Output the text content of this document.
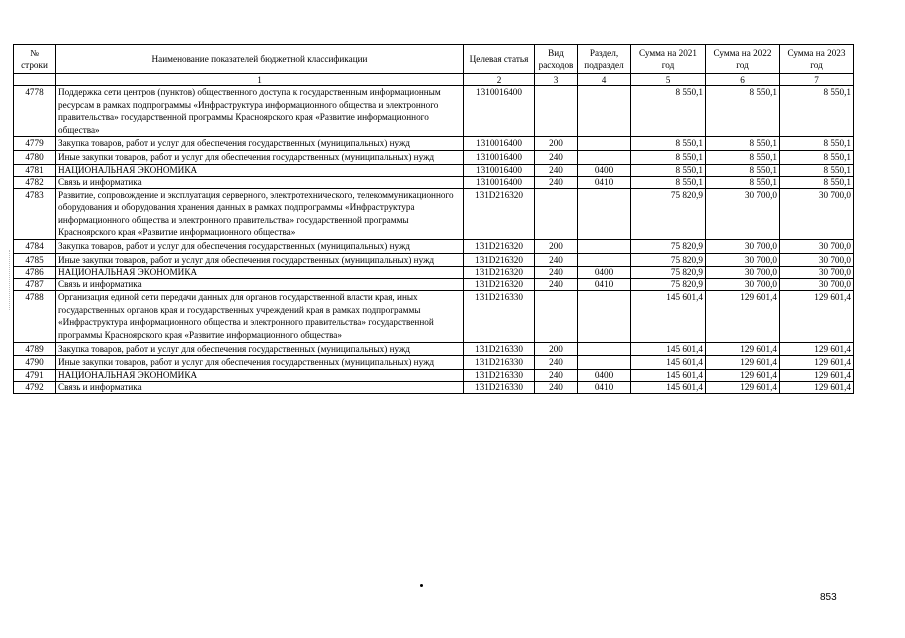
№ строки	Наименование показателей бюджетной классификации	Целевая статья	Вид расходов	Раздел, подраздел	Сумма на 2021 год	Сумма на 2022 год	Сумма на 2023 год
	1	2	3	4	5	6	7
4778	Поддержка сети центров (пунктов) общественного доступа к государственным информационным ресурсам в рамках подпрограммы «Инфраструктура информационного общества и электронного правительства» государственной программы Красноярского края «Развитие информационного общества»	1310016400			8 550,1	8 550,1	8 550,1
4779	Закупка товаров, работ и услуг для обеспечения государственных (муниципальных) нужд	1310016400	200		8 550,1	8 550,1	8 550,1
4780	Иные закупки товаров, работ и услуг для обеспечения государственных (муниципальных) нужд	1310016400	240		8 550,1	8 550,1	8 550,1
4781	НАЦИОНАЛЬНАЯ ЭКОНОМИКА	1310016400	240	0400	8 550,1	8 550,1	8 550,1
4782	Связь и информатика	1310016400	240	0410	8 550,1	8 550,1	8 550,1
4783	Развитие, сопровождение и эксплуатация серверного, электротехнического, телекоммуникационного оборудования и оборудования хранения данных в рамках подпрограммы «Инфраструктура информационного общества и электронного правительства» государственной программы Красноярского края «Развитие информационного общества»	131D216320			75 820,9	30 700,0	30 700,0
4784	Закупка товаров, работ и услуг для обеспечения государственных (муниципальных) нужд	131D216320	200		75 820,9	30 700,0	30 700,0
4785	Иные закупки товаров, работ и услуг для обеспечения государственных (муниципальных) нужд	131D216320	240		75 820,9	30 700,0	30 700,0
4786	НАЦИОНАЛЬНАЯ ЭКОНОМИКА	131D216320	240	0400	75 820,9	30 700,0	30 700,0
4787	Связь и информатика	131D216320	240	0410	75 820,9	30 700,0	30 700,0
4788	Организация единой сети передачи данных для органов государственной власти края, иных государственных органов края и государственных учреждений края в рамках подпрограммы «Инфраструктура информационного общества и электронного правительства» государственной программы Красноярского края «Развитие информационного общества»	131D216330			145 601,4	129 601,4	129 601,4
4789	Закупка товаров, работ и услуг для обеспечения государственных (муниципальных) нужд	131D216330	200		145 601,4	129 601,4	129 601,4
4790	Иные закупки товаров, работ и услуг для обеспечения государственных (муниципальных) нужд	131D216330	240		145 601,4	129 601,4	129 601,4
4791	НАЦИОНАЛЬНАЯ ЭКОНОМИКА	131D216330	240	0400	145 601,4	129 601,4	129 601,4
4792	Связь и информатика	131D216330	240	0410	145 601,4	129 601,4	129 601,4
853
